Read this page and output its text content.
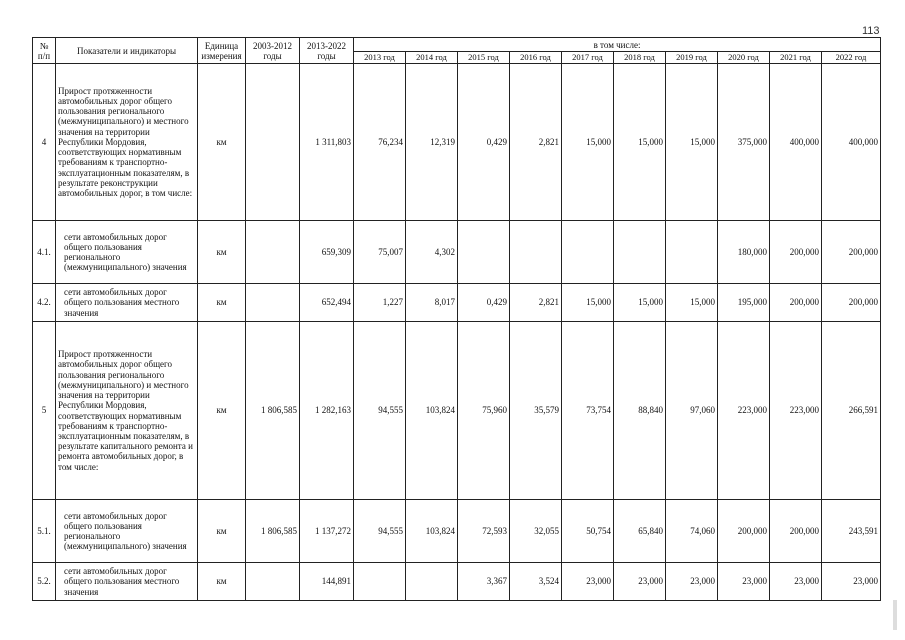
113
№ п/п	Показатели и индикаторы	Единица измерения	2003-2012 годы	2013-2022 годы	в том числе:									
					2013 год	2014 год	2015 год	2016 год	2017 год	2018 год	2019 год	2020 год	2021 год	2022 год
4	Прирост протяженности автомобильных дорог общего пользования регионального (межмуниципального) и местного значения на территории Республики Мордовия, соответствующих нормативным требованиям к транспортно-эксплуатационным показателям, в результате реконструкции автомобильных дорог, в том числе:	км		1 311,803	76,234	12,319	0,429	2,821	15,000	15,000	15,000	375,000	400,000	400,000
4.1.	сети автомобильных дорог общего пользования регионального (межмуниципального) значения	км		659,309	75,007	4,302						180,000	200,000	200,000
4.2.	сети автомобильных дорог общего пользования местного значения	км		652,494	1,227	8,017	0,429	2,821	15,000	15,000	15,000	195,000	200,000	200,000
5	Прирост протяженности автомобильных дорог общего пользования регионального (межмуниципального) и местного значения на территории Республики Мордовия, соответствующих нормативным требованиям к транспортно-эксплуатационным показателям, в результате капитального ремонта и ремонта автомобильных дорог, в том числе:	км	1 806,585	1 282,163	94,555	103,824	75,960	35,579	73,754	88,840	97,060	223,000	223,000	266,591
5.1.	сети автомобильных дорог общего пользования регионального (межмуниципального) значения	км	1 806,585	1 137,272	94,555	103,824	72,593	32,055	50,754	65,840	74,060	200,000	200,000	243,591
5.2.	сети автомобильных дорог общего пользования местного значения	км		144,891			3,367	3,524	23,000	23,000	23,000	23,000	23,000	23,000
